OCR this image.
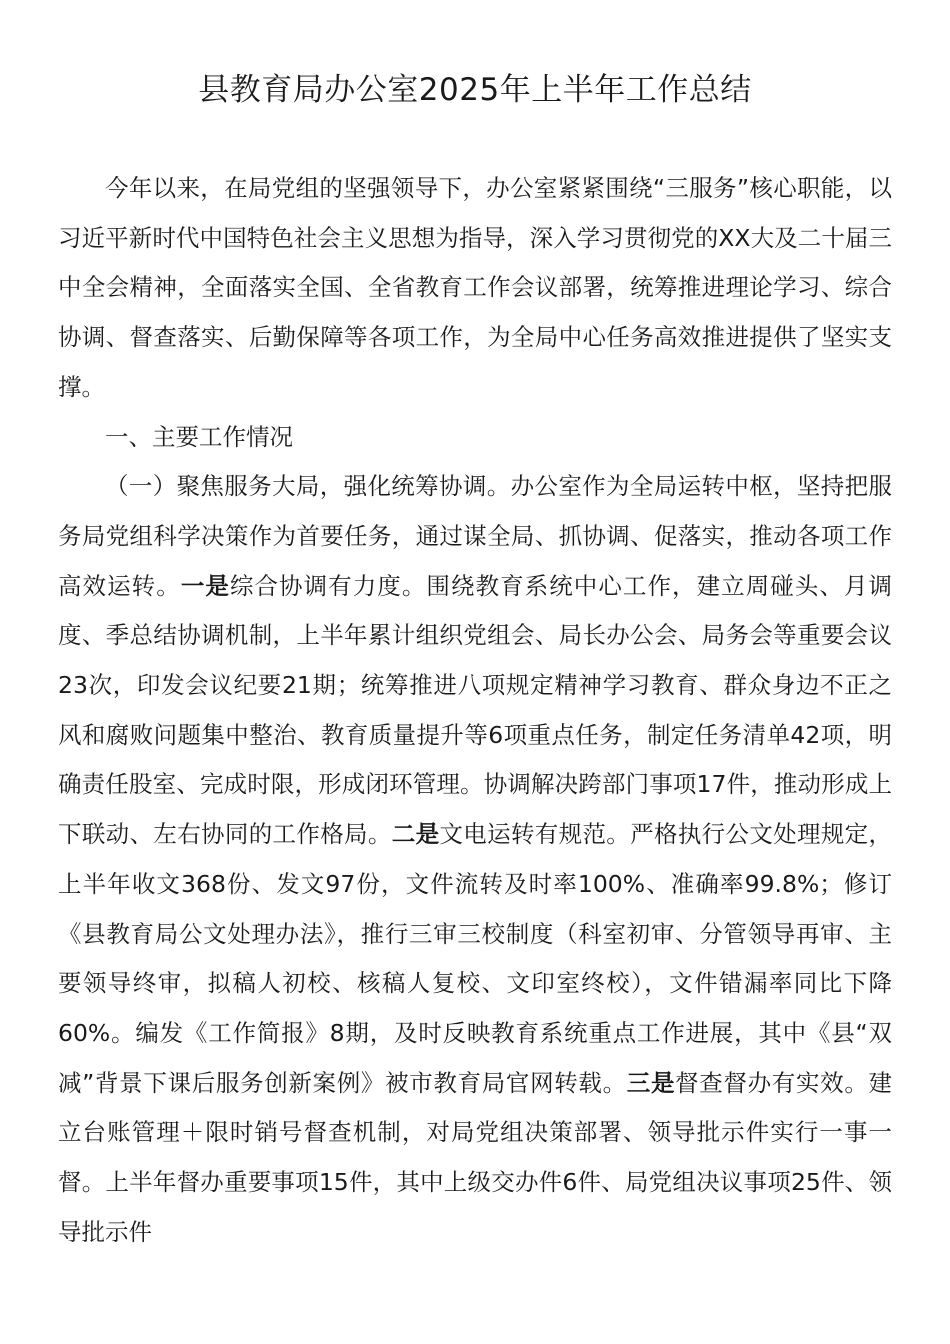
县教育局办公室2025年上半年工作总结

今年以来，在局党组的坚强领导下，办公室紧紧围绕“三服务”核心职能，以习近平新时代中国特色社会主义思想为指导，深入学习贯彻党的XX大及二十届三中全会精神，全面落实全国、全省教育工作会议部署，统筹推进理论学习、综合协调、督查落实、后勤保障等各项工作，为全局中心任务高效推进提供了坚实支撑。

一、主要工作情况

（一）聚焦服务大局，强化统筹协调。办公室作为全局运转中枢，坚持把服务局党组科学决策作为首要任务，通过谋全局、抓协调、促落实，推动各项工作高效运转。一是综合协调有力度。围绕教育系统中心工作，建立周碰头、月调度、季总结协调机制，上半年累计组织党组会、局长办公会、局务会等重要会议23次，印发会议纪要21期；统筹推进八项规定精神学习教育、群众身边不正之风和腐败问题集中整治、教育质量提升等6项重点任务，制定任务清单42项，明确责任股室、完成时限，形成闭环管理。协调解决跨部门事项17件，推动形成上下联动、左右协同的工作格局。二是文电运转有规范。严格执行公文处理规定，上半年收文368份、发文97份，文件流转及时率100%、准确率99.8%；修订《县教育局公文处理办法》，推行三审三校制度（科室初审、分管领导再审、主要领导终审，拟稿人初校、核稿人复校、文印室终校），文件错漏率同比下降60%。编发《工作简报》8期，及时反映教育系统重点工作进展，其中《县“双减”背景下课后服务创新案例》被市教育局官网转载。三是督查督办有实效。建立台账管理＋限时销号督查机制，对局党组决策部署、领导批示件实行一事一督。上半年督办重要事项15件，其中上级交办件6件、局党组决议事项25件、领导批示件
